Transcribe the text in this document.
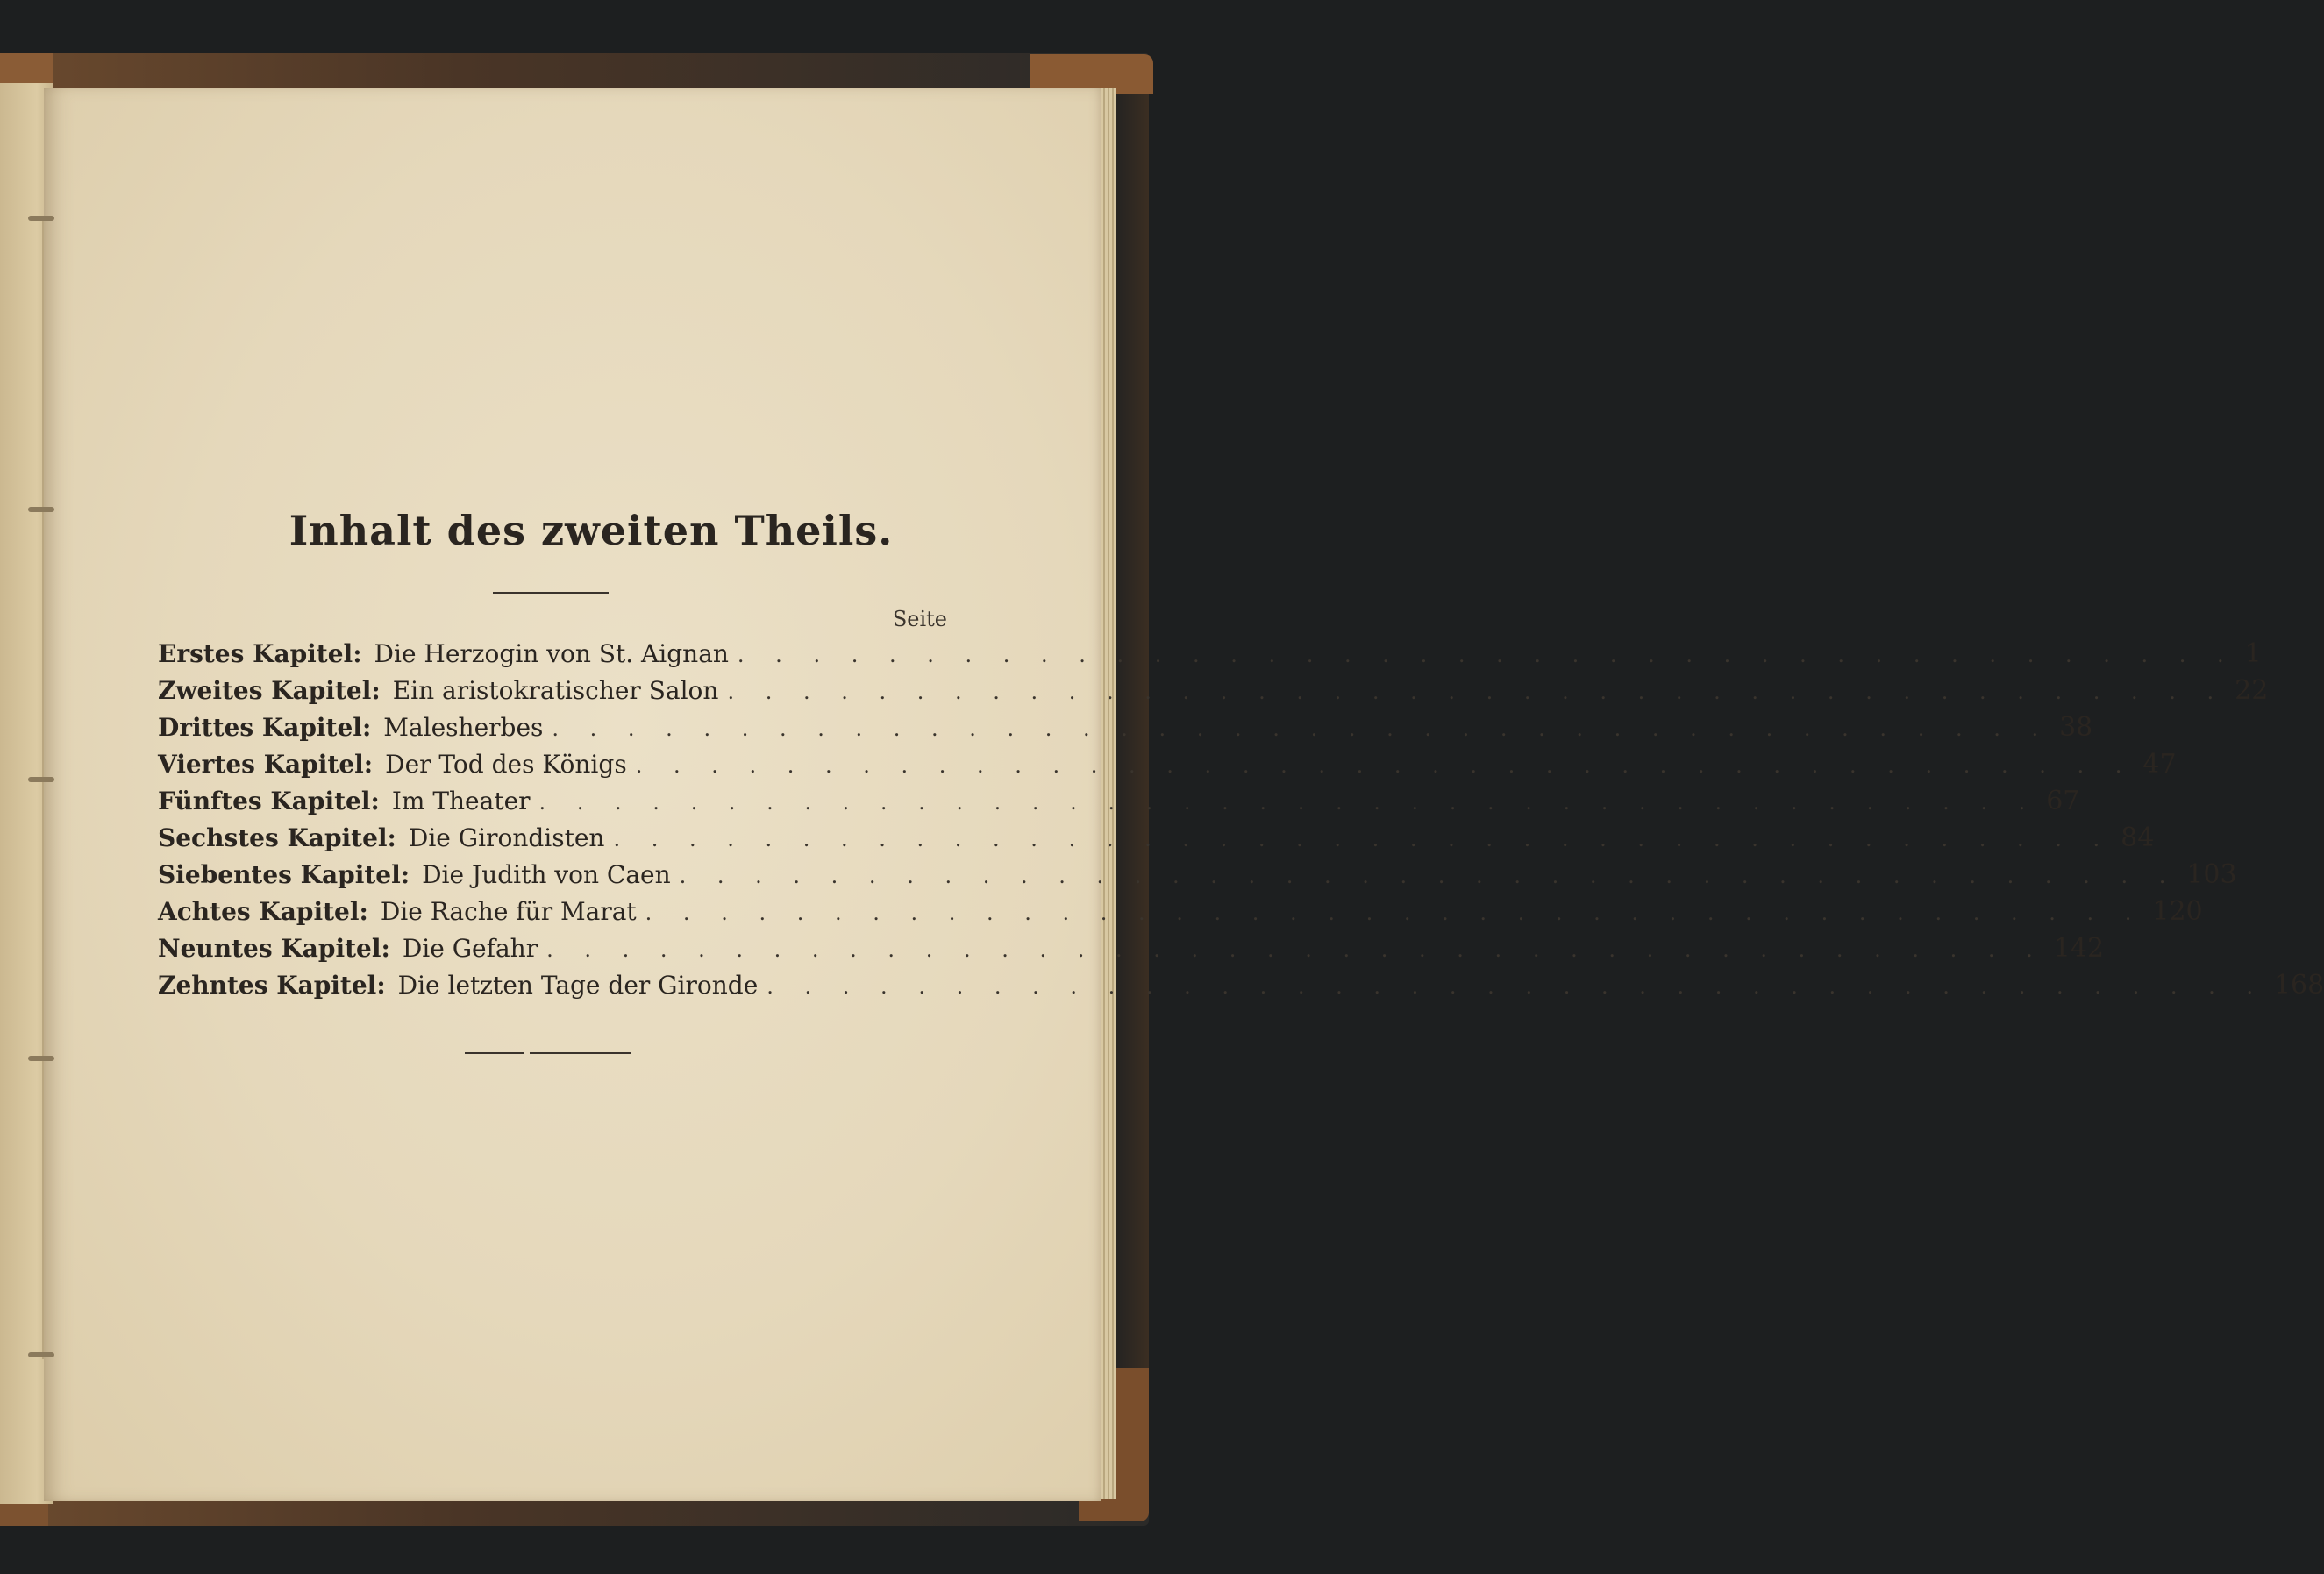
Inhalt des zweiten Theils.
Seite
Erstes Kapitel : Die Herzogin von St. Aignan . . . . . . . . . . . . . . . . . . . . . . . . . . . . . . . . . . . . . . . . 1
Zweites Kapitel : Ein aristokratischer Salon . . . . . . . . . . . . . . . . . . . . . . . . . . . . . . . . . . . . . . . . 22
Drittes Kapitel : Malesherbes . . . . . . . . . . . . . . . . . . . . . . . . . . . . . . . . . . . . . . . . 38
Viertes Kapitel : Der Tod des Königs . . . . . . . . . . . . . . . . . . . . . . . . . . . . . . . . . . . . . . . . 47
Fünftes Kapitel : Im Theater . . . . . . . . . . . . . . . . . . . . . . . . . . . . . . . . . . . . . . . . 67
Sechstes Kapitel : Die Girondisten . . . . . . . . . . . . . . . . . . . . . . . . . . . . . . . . . . . . . . . . 84
Siebentes Kapitel : Die Judith von Caen . . . . . . . . . . . . . . . . . . . . . . . . . . . . . . . . . . . . . . . . 103
Achtes Kapitel : Die Rache für Marat . . . . . . . . . . . . . . . . . . . . . . . . . . . . . . . . . . . . . . . . 120
Neuntes Kapitel : Die Gefahr . . . . . . . . . . . . . . . . . . . . . . . . . . . . . . . . . . . . . . . . 142
Zehntes Kapitel : Die letzten Tage der Gironde . . . . . . . . . . . . . . . . . . . . . . . . . . . . . . . . . . . . . . . . 168
